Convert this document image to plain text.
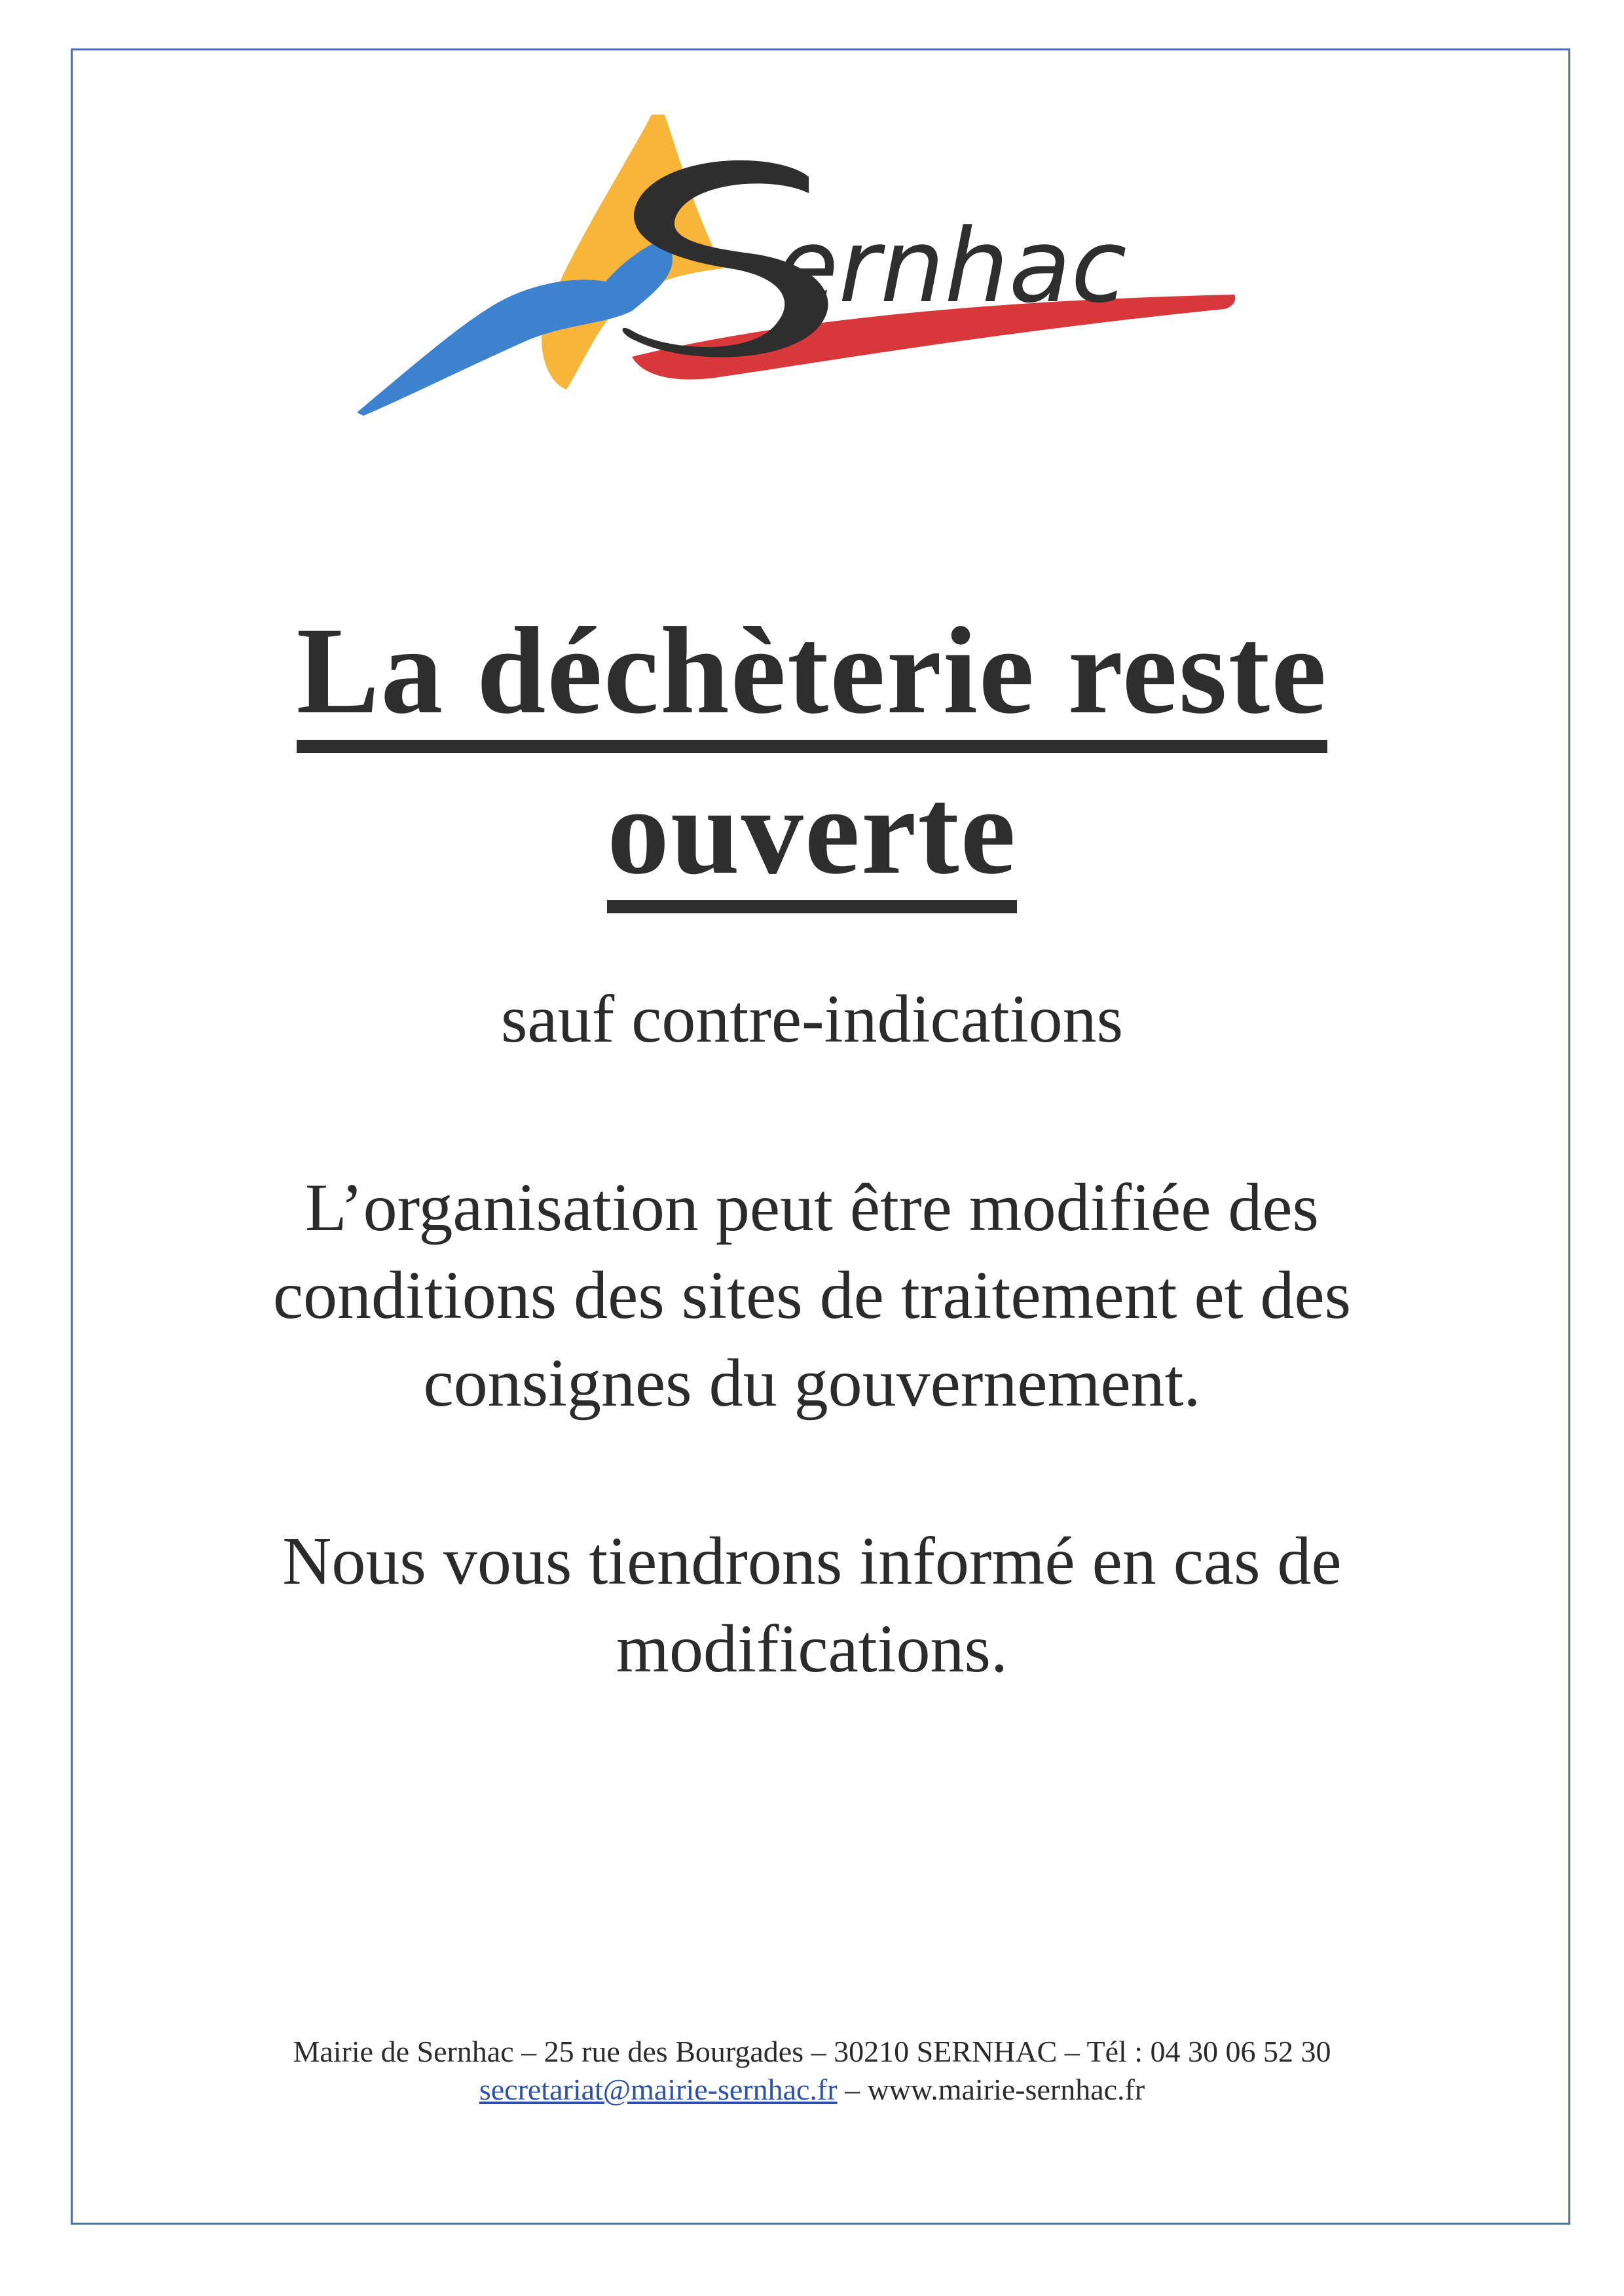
ernhac
La déchèterie reste
ouverte
sauf contre-indications
L’organisation peut être modifiée des
conditions des sites de traitement et des
consignes du gouvernement.
Nous vous tiendrons informé en cas de
modifications.
Mairie de Sernhac – 25 rue des Bourgades – 30210 SERNHAC – Tél : 04 30 06 52 30
secretariat@mairie-sernhac.fr – www.mairie-sernhac.fr
